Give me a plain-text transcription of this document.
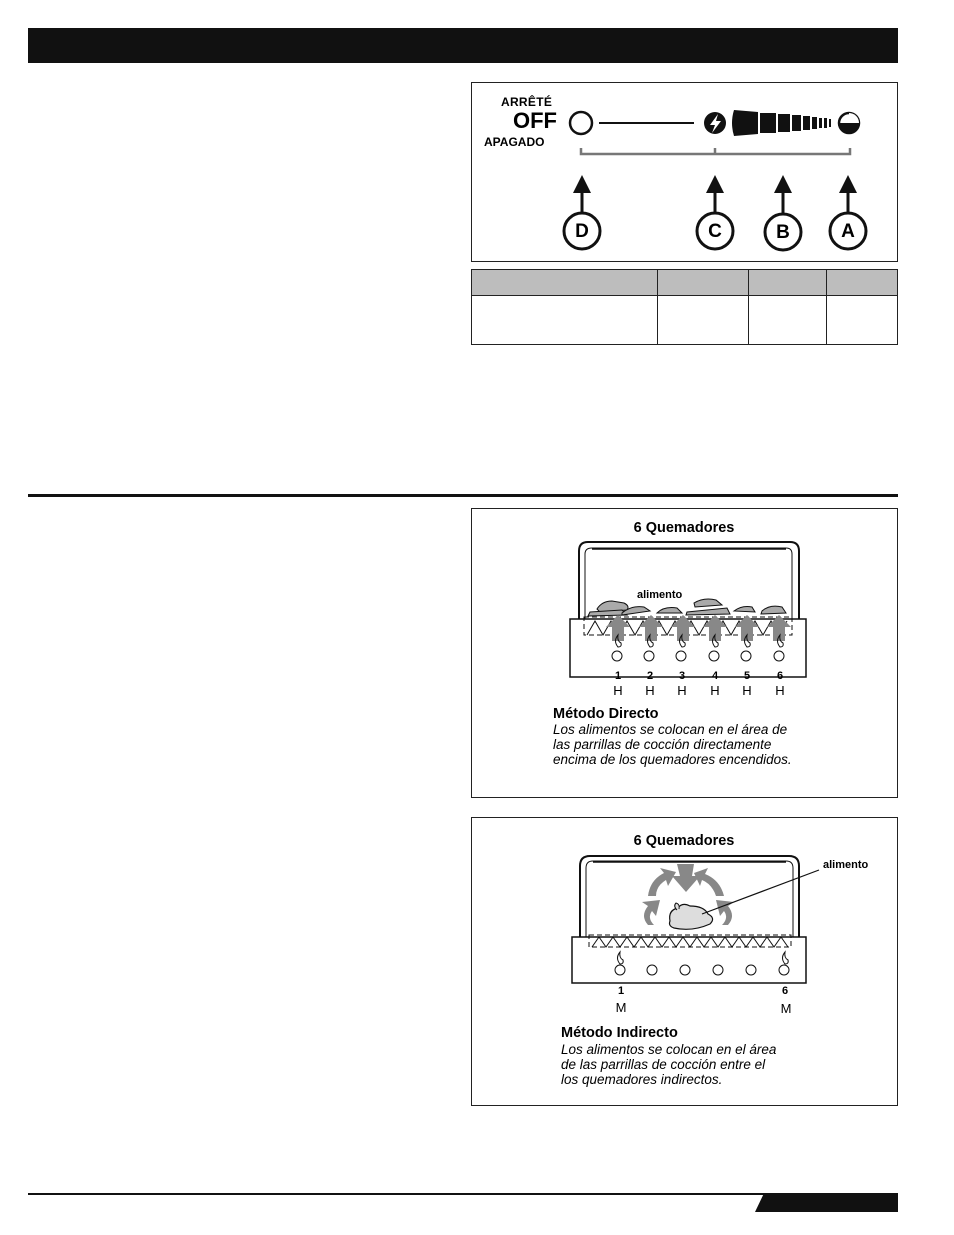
ARRÊTÉ
OFF
APAGADO
D	C	B	A

6 Quemadores
alimento
1	2	3	4	5	6
H	H	H	H	H	H
Método Directo
Los alimentos se colocan en el área de
las parrillas de cocción directamente
encima de los quemadores encendidos.
6 Quemadores
alimento
1	6
M	M
Método Indirecto
Los alimentos se colocan en el área
de las parrillas de cocción entre el
los quemadores indirectos.
